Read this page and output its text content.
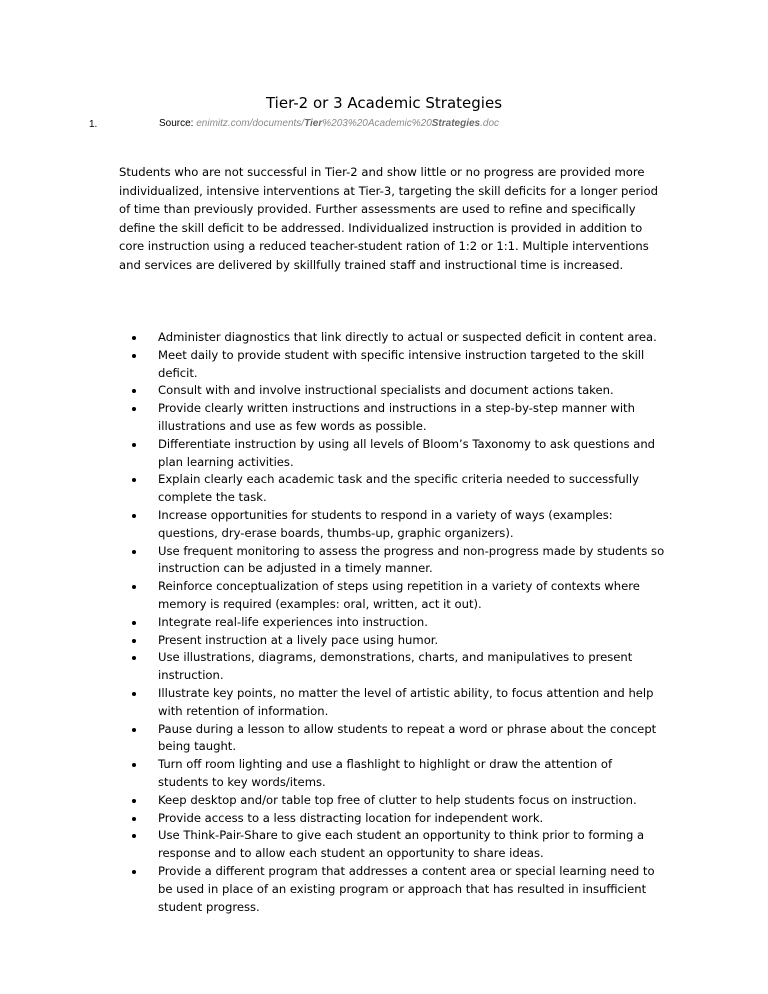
Tier-2 or 3 Academic Strategies
1.	Source: enimitz.com/documents/Tier%203%20Academic%20Strategies.doc

Students who are not successful in Tier-2 and show little or no progress are provided more individualized, intensive interventions at Tier-3, targeting the skill deficits for a longer period of time than previously provided. Further assessments are used to refine and specifically define the skill deficit to be addressed. Individualized instruction is provided in addition to core instruction using a reduced teacher-student ration of 1:2 or 1:1. Multiple interventions and services are delivered by skillfully trained staff and instructional time is increased.

Administer diagnostics that link directly to actual or suspected deficit in content area.
Meet daily to provide student with specific intensive instruction targeted to the skill deficit.
Consult with and involve instructional specialists and document actions taken.
Provide clearly written instructions and instructions in a step-by-step manner with illustrations and use as few words as possible.
Differentiate instruction by using all levels of Bloom’s Taxonomy to ask questions and plan learning activities.
Explain clearly each academic task and the specific criteria needed to successfully complete the task.
Increase opportunities for students to respond in a variety of ways (examples: questions, dry-erase boards, thumbs-up, graphic organizers).
Use frequent monitoring to assess the progress and non-progress made by students so instruction can be adjusted in a timely manner.
Reinforce conceptualization of steps using repetition in a variety of contexts where memory is required (examples: oral, written, act it out).
Integrate real-life experiences into instruction.
Present instruction at a lively pace using humor.
Use illustrations, diagrams, demonstrations, charts, and manipulatives to present instruction.
Illustrate key points, no matter the level of artistic ability, to focus attention and help with retention of information.
Pause during a lesson to allow students to repeat a word or phrase about the concept being taught.
Turn off room lighting and use a flashlight to highlight or draw the attention of students to key words/items.
Keep desktop and/or table top free of clutter to help students focus on instruction.
Provide access to a less distracting location for independent work.
Use Think-Pair-Share to give each student an opportunity to think prior to forming a response and to allow each student an opportunity to share ideas.
Provide a different program that addresses a content area or special learning need to be used in place of an existing program or approach that has resulted in insufficient student progress.
